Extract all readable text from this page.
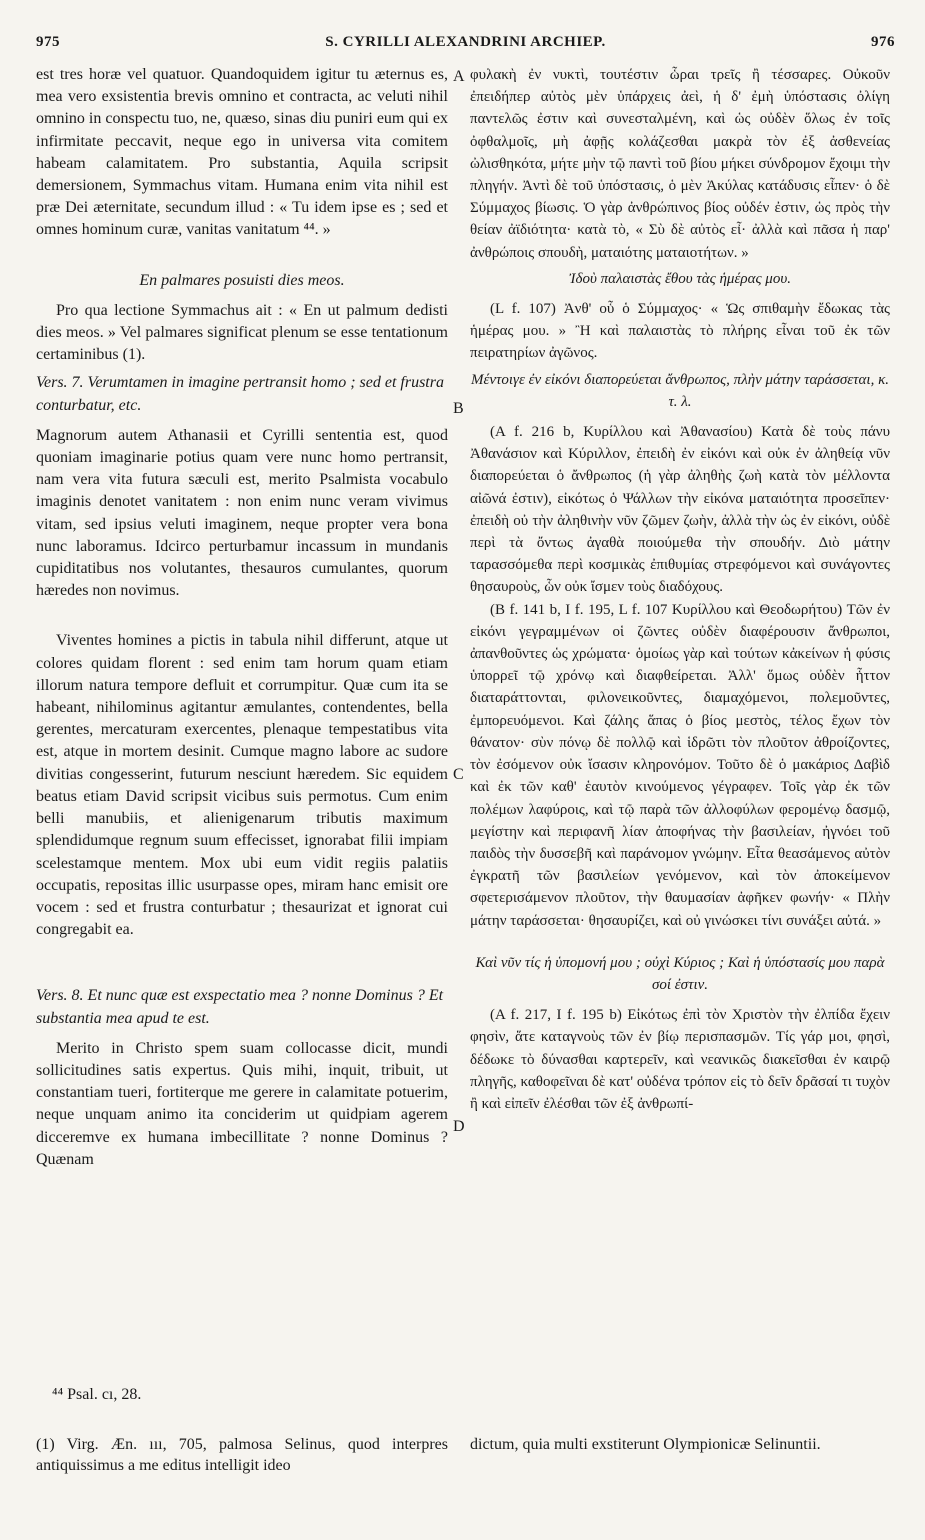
975	S. CYRILLI ALEXANDRINI ARCHIEP.	976

est tres horæ vel quatuor. Quandoquidem igitur tu æternus es, mea vero exsistentia brevis omnino et contracta, ac veluti nihil omnino in conspectu tuo, ne, quæso, sinas diu puniri eum qui ex infirmitate peccavit, neque ego in universa vita comitem habeam calamitatem. Pro substantia, Aquila scripsit demersionem, Symmachus vitam. Humana enim vita nihil est præ Dei æternitate, secundum illud : « Tu idem ipse es ; sed et omnes hominum curæ, vanitas vanitatum ⁴⁴. »

En palmares posuisti dies meos.

Pro qua lectione Symmachus ait : « En ut palmum dedisti dies meos. » Vel palmares significat plenum se esse tentationum certaminibus (1).

Vers. 7. Verumtamen in imagine pertransit homo ; sed et frustra conturbatur, etc.

Magnorum autem Athanasii et Cyrilli sententia est, quod quoniam imaginarie potius quam vere nunc homo pertransit, nam vera vita futura sæculi est, merito Psalmista vocabulo imaginis denotet vanitatem : non enim nunc veram vivimus vitam, sed ipsius veluti imaginem, neque propter vera bona nunc laboramus. Idcirco perturbamur incassum in mundanis cupiditatibus nos volutantes, thesauros cumulantes, quorum hæredes non novimus.

Viventes homines a pictis in tabula nihil differunt, atque ut colores quidam florent : sed enim tam horum quam etiam illorum natura tempore defluit et corrumpitur. Quæ cum ita se habeant, nihilominus agitantur æmulantes, contendentes, bella gerentes, mercaturam exercentes, plenaque tempestatibus vita est, atque in mortem desinit. Cumque magno labore ac sudore divitias congesserint, futurum nesciunt hæredem. Sic equidem beatus etiam David scripsit vicibus suis permotus. Cum enim belli manubiis, et alienigenarum tributis maximum splendidumque regnum suum effecisset, ignorabat filii impiam scelestamque mentem. Mox ubi eum vidit regiis palatiis occupatis, repositas illic usurpasse opes, miram hanc emisit ore vocem : sed et frustra conturbatur ; thesaurizat et ignorat cui congregabit ea.

Vers. 8. Et nunc quæ est exspectatio mea ? nonne Dominus ? Et substantia mea apud te est.

Merito in Christo spem suam collocasse dicit, mundi sollicitudines satis expertus. Quis mihi, inquit, tribuit, ut constantiam tueri, fortiterque me gerere in calamitate potuerim, neque unquam animo ita conciderim ut quidpiam agerem dicceremve ex humana imbecillitate ? nonne Dominus ? Quænam

φυλακὴ ἐν νυκτὶ, τουτέστιν ὧραι τρεῖς ἢ τέσσαρες. Οὐκοῦν ἐπειδήπερ αὐτὸς μὲν ὑπάρχεις ἀεὶ, ἡ δ' ἐμὴ ὑπόστασις ὀλίγη παντελῶς ἐστιν καὶ συνεσταλμένη, καὶ ὡς οὐδὲν ὅλως ἐν τοῖς ὀφθαλμοῖς, μὴ ἀφῇς κολάζεσθαι μακρὰ τὸν ἐξ ἀσθενείας ὠλισθηκότα, μήτε μὴν τῷ παντὶ τοῦ βίου μήκει σύνδρομον ἔχοιμι τὴν πληγήν. Ἀντὶ δὲ τοῦ ὑπόστασις, ὁ μὲν Ἀκύλας κατάδυσις εἶπεν· ὁ δὲ Σύμμαχος βίωσις. Ὁ γὰρ ἀνθρώπινος βίος οὐδέν ἐστιν, ὡς πρὸς τὴν θείαν ἀϊδιότητα· κατὰ τὸ, « Σὺ δὲ αὐτὸς εἶ· ἀλλὰ καὶ πᾶσα ἡ παρ' ἀνθρώποις σπουδὴ, ματαιότης ματαιοτήτων. »

Ἰδοὺ παλαιστὰς ἔθου τὰς ἡμέρας μου.

(L f. 107) Ἀνθ' οὗ ὁ Σύμμαχος· « Ὡς σπιθαμὴν ἔδωκας τὰς ἡμέρας μου. » Ἢ καὶ παλαιστὰς τὸ πλήρης εἶναι τοῦ ἐκ τῶν πειρατηρίων ἀγῶνος.

Μέντοιγε ἐν εἰκόνι διαπορεύεται ἄνθρωπος, πλὴν μάτην ταράσσεται, κ. τ. λ.

(A f. 216 b, Κυρίλλου καὶ Ἀθανασίου) Κατὰ δὲ τοὺς πάνυ Ἀθανάσιον καὶ Κύριλλον, ἐπειδὴ ἐν εἰκόνι καὶ οὐκ ἐν ἀληθείᾳ νῦν διαπορεύεται ὁ ἄνθρωπος (ἡ γὰρ ἀληθὴς ζωὴ κατὰ τὸν μέλλοντα αἰῶνά ἐστιν), εἰκότως ὁ Ψάλλων τὴν εἰκόνα ματαιότητα προσεῖπεν· ἐπειδὴ οὐ τὴν ἀληθινὴν νῦν ζῶμεν ζωὴν, ἀλλὰ τὴν ὡς ἐν εἰκόνι, οὐδὲ περὶ τὰ ὄντως ἀγαθὰ ποιούμεθα τὴν σπουδήν. Διὸ μάτην ταρασσόμεθα περὶ κοσμικὰς ἐπιθυμίας στρεφόμενοι καὶ συνάγοντες θησαυροὺς, ὧν οὐκ ἴσμεν τοὺς διαδόχους.

(B f. 141 b, I f. 195, L f. 107 Κυρίλλου καὶ Θεοδωρήτου) Τῶν ἐν εἰκόνι γεγραμμένων οἱ ζῶντες οὐδὲν διαφέρουσιν ἄνθρωποι, ἀπανθοῦντες ὡς χρώματα· ὁμοίως γὰρ καὶ τούτων κἀκείνων ἡ φύσις ὑπορρεῖ τῷ χρόνῳ καὶ διαφθείρεται. Ἀλλ' ὅμως οὐδὲν ἧττον διαταράττονται, φιλονεικοῦντες, διαμαχόμενοι, πολεμοῦντες, ἐμπορευόμενοι. Καὶ ζάλης ἅπας ὁ βίος μεστὸς, τέλος ἔχων τὸν θάνατον· σὺν πόνῳ δὲ πολλῷ καὶ ἱδρῶτι τὸν πλοῦτον ἀθροίζοντες, τὸν ἐσόμενον οὐκ ἴσασιν κληρονόμον. Τοῦτο δὲ ὁ μακάριος Δαβὶδ καὶ ἐκ τῶν καθ' ἑαυτὸν κινούμενος γέγραφεν. Τοῖς γὰρ ἐκ τῶν πολέμων λαφύροις, καὶ τῷ παρὰ τῶν ἀλλοφύλων φερομένῳ δασμῷ, μεγίστην καὶ περιφανῆ λίαν ἀποφήνας τὴν βασιλείαν, ἠγνόει τοῦ παιδὸς τὴν δυσσεβῆ καὶ παράνομον γνώμην. Εἶτα θεασάμενος αὐτὸν ἐγκρατῆ τῶν βασιλείων γενόμενον, καὶ τὸν ἀποκείμενον σφετερισάμενον πλοῦτον, τὴν θαυμασίαν ἀφῆκεν φωνήν· « Πλὴν μάτην ταράσσεται· θησαυρίζει, καὶ οὐ γινώσκει τίνι συνάξει αὐτά. »

Καὶ νῦν τίς ἡ ὑπομονή μου ; οὐχὶ Κύριος ; Καὶ ἡ ὑπόστασίς μου παρὰ σοί ἐστιν.

(A f. 217, I f. 195 b) Εἰκότως ἐπὶ τὸν Χριστὸν τὴν ἐλπίδα ἔχειν φησὶν, ἅτε καταγνοὺς τῶν ἐν βίῳ περισπασμῶν. Τίς γάρ μοι, φησὶ, δέδωκε τὸ δύνασθαι καρτερεῖν, καὶ νεανικῶς διακεῖσθαι ἐν καιρῷ πληγῆς, καθοφεῖναι δὲ κατ' οὐδένα τρόπον εἰς τὸ δεῖν δρᾶσαί τι τυχὸν ἢ καὶ εἰπεῖν ἐλέσθαι τῶν ἐξ ἀνθρωπί-

A
B
C
D
⁴⁴ Psal. cı, 28.
(1) Virg. Æn. ııı, 705, palmosa Selinus, quod interpres antiquissimus a me editus intelligit ideo
dictum, quia multi exstiterunt Olympionicæ Selinuntii.
